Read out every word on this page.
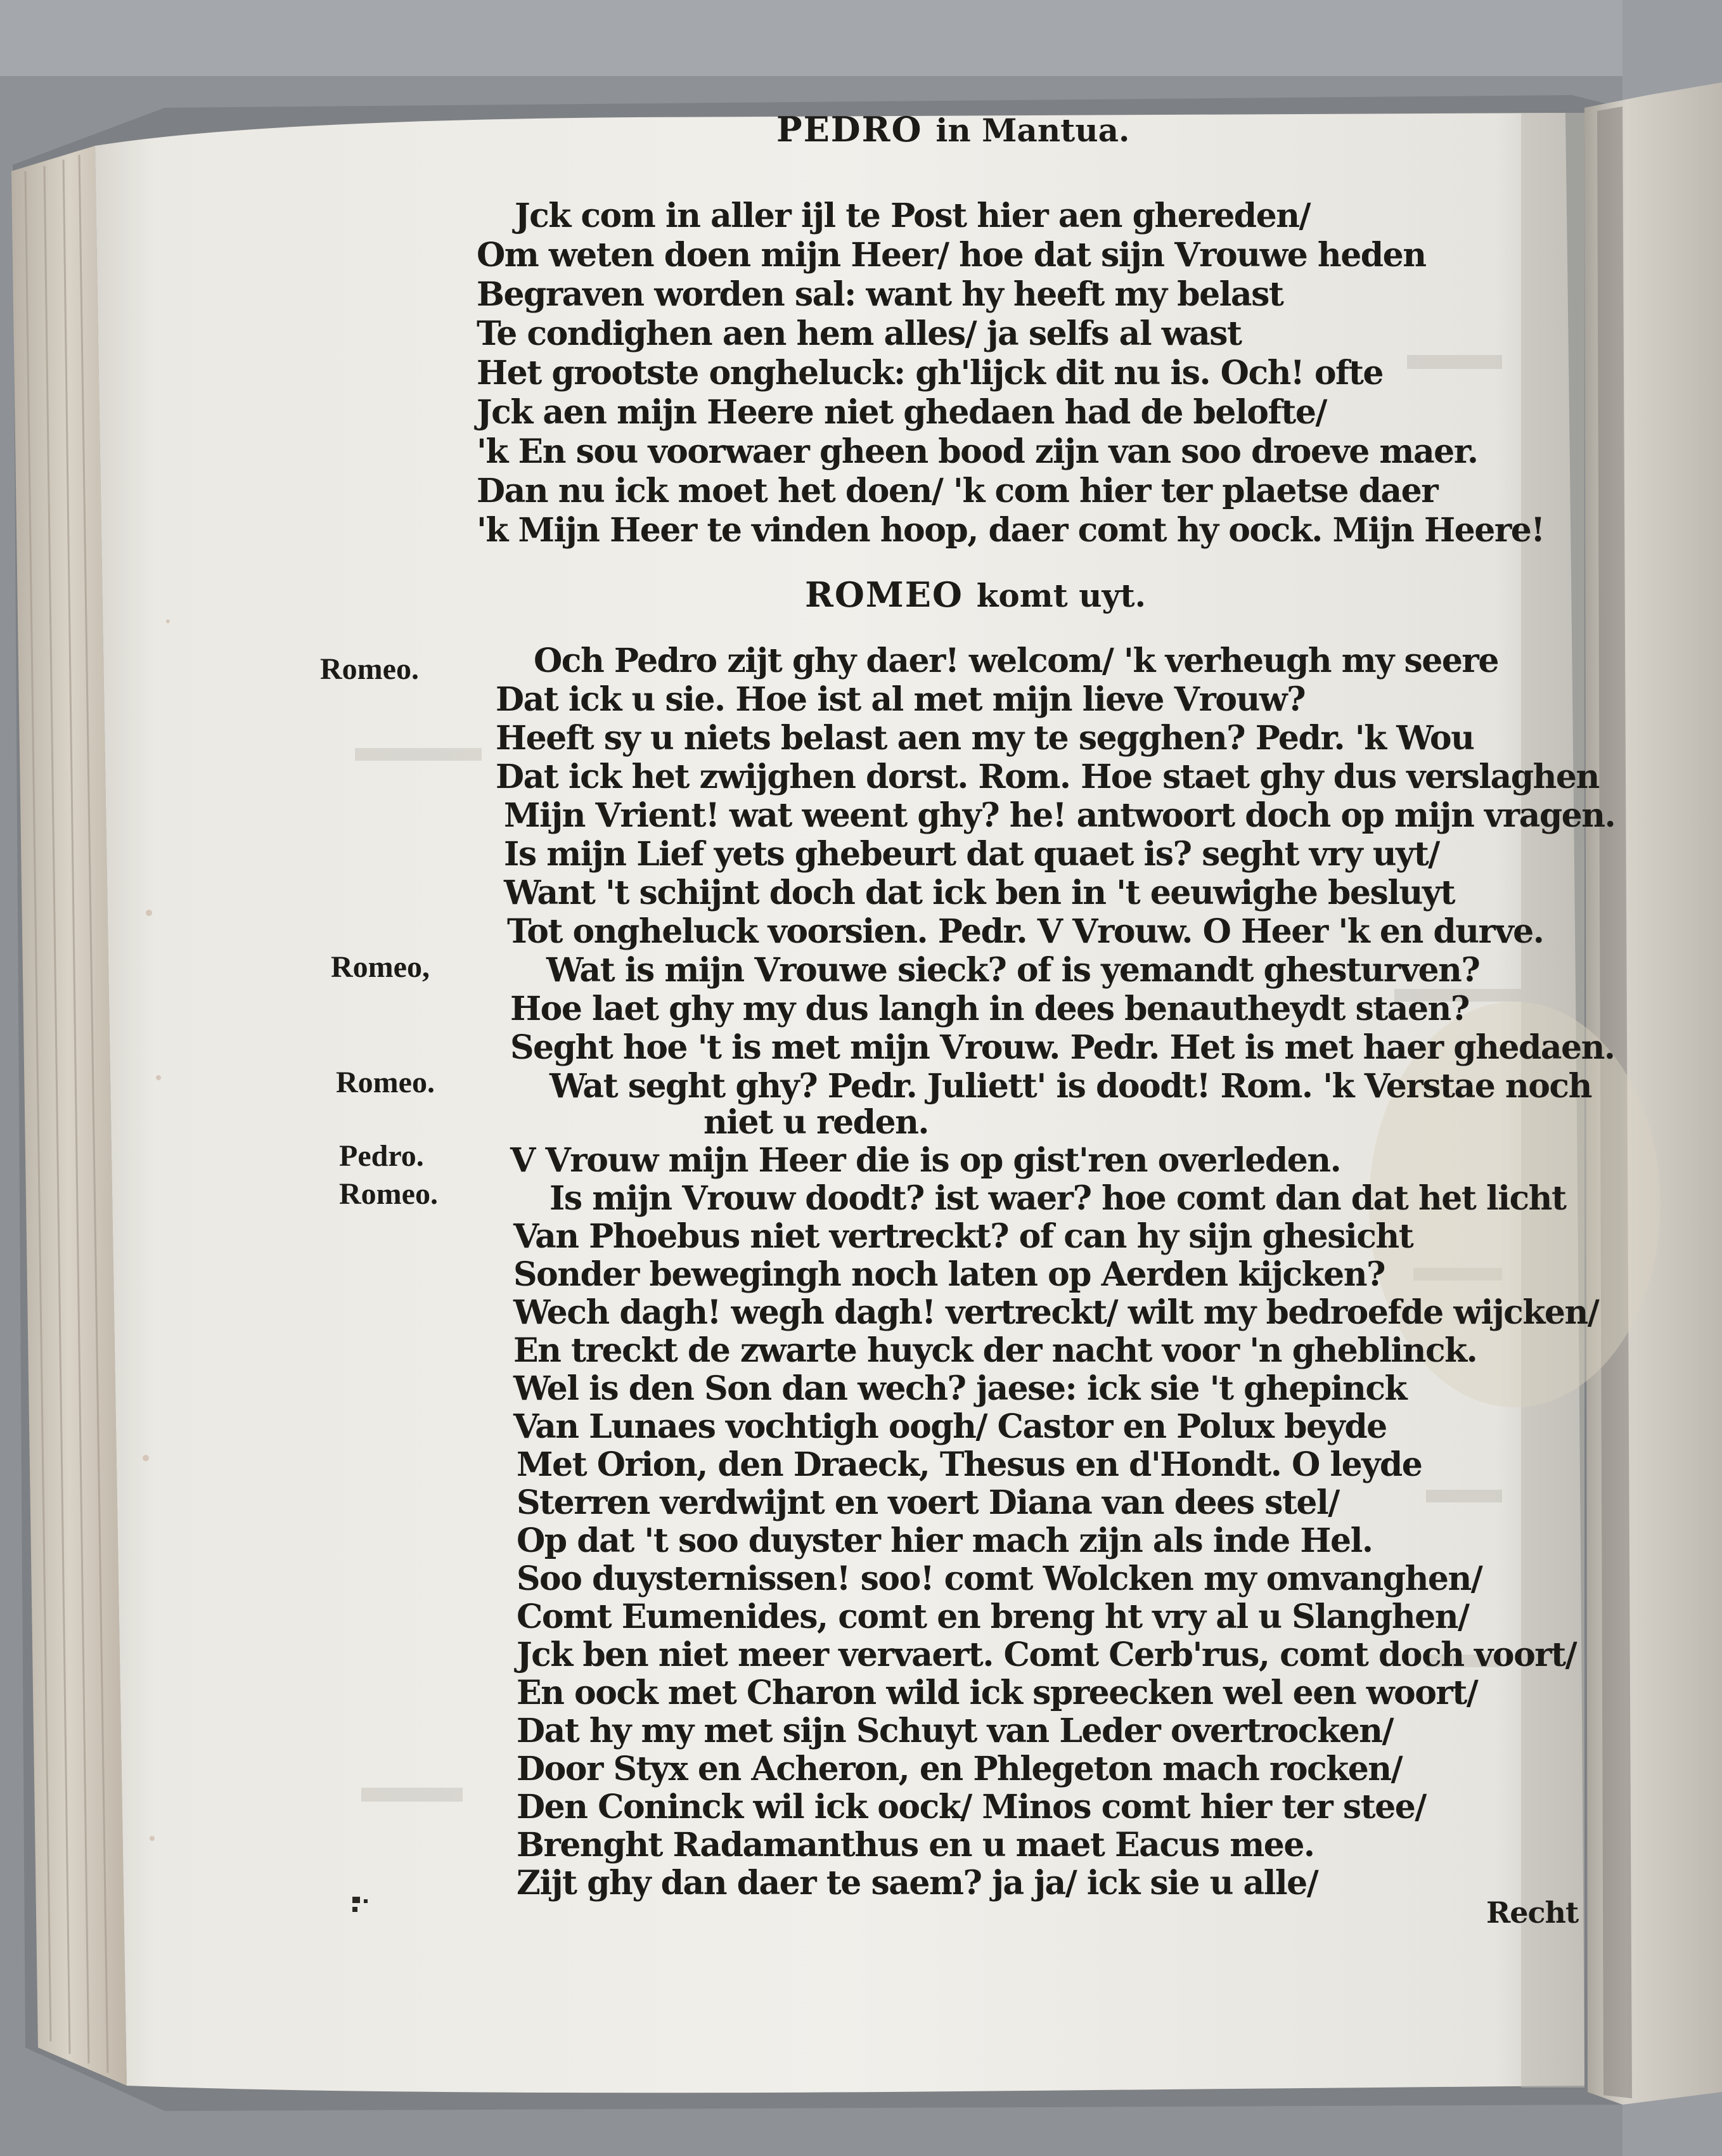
PEDRO in Mantua.
Jck com in aller ijl te Post hier aen ghereden/
Om weten doen mijn Heer/ hoe dat sijn Vrouwe heden
Begraven worden sal: want hy heeft my belast
Te condighen aen hem alles/ ja selfs al wast
Het grootste ongheluck: gh'lijck dit nu is. Och! ofte
Jck aen mijn Heere niet ghedaen had de belofte/
'k En sou voorwaer gheen bood zijn van soo droeve maer.
Dan nu ick moet het doen/ 'k com hier ter plaetse daer
'k Mijn Heer te vinden hoop, daer comt hy oock. Mijn Heere!
ROMEO komt uyt.
Romeo.
Romeo,
Romeo.
Pedro.
Romeo.
Och Pedro zijt ghy daer! welcom/ 'k verheugh my seere
Dat ick u sie. Hoe ist al met mijn lieve Vrouw?
Heeft sy u niets belast aen my te segghen? Pedr. 'k Wou
Dat ick het zwijghen dorst. Rom. Hoe staet ghy dus verslaghen
Mijn Vrient! wat weent ghy? he! antwoort doch op mijn vragen.
Is mijn Lief yets ghebeurt dat quaet is? seght vry uyt/
Want 't schijnt doch dat ick ben in 't eeuwighe besluyt
Tot ongheluck voorsien. Pedr. V Vrouw. O Heer 'k en durve.
Wat is mijn Vrouwe sieck? of is yemandt ghesturven?
Hoe laet ghy my dus langh in dees benautheydt staen?
Seght hoe 't is met mijn Vrouw. Pedr. Het is met haer ghedaen.
Wat seght ghy? Pedr. Juliett' is doodt! Rom. 'k Verstae noch
niet u reden.
V Vrouw mijn Heer die is op gist'ren overleden.
Is mijn Vrouw doodt? ist waer? hoe comt dan dat het licht
Van Phoebus niet vertreckt? of can hy sijn ghesicht
Sonder bewegingh noch laten op Aerden kijcken?
Wech dagh! wegh dagh! vertreckt/ wilt my bedroefde wijcken/
En treckt de zwarte huyck der nacht voor 'n gheblinck.
Wel is den Son dan wech? jaese: ick sie 't ghepinck
Van Lunaes vochtigh oogh/ Castor en Polux beyde
Met Orion, den Draeck, Thesus en d'Hondt. O leyde
Sterren verdwijnt en voert Diana van dees stel/
Op dat 't soo duyster hier mach zijn als inde Hel.
Soo duysternissen! soo! comt Wolcken my omvanghen/
Comt Eumenides, comt en breng ht vry al u Slanghen/
Jck ben niet meer vervaert. Comt Cerb'rus, comt doch voort/
En oock met Charon wild ick spreecken wel een woort/
Dat hy my met sijn Schuyt van Leder overtrocken/
Door Styx en Acheron, en Phlegeton mach rocken/
Den Coninck wil ick oock/ Minos comt hier ter stee/
Brenght Radamanthus en u maet Eacus mee.
Zijt ghy dan daer te saem? ja ja/ ick sie u alle/
Recht
